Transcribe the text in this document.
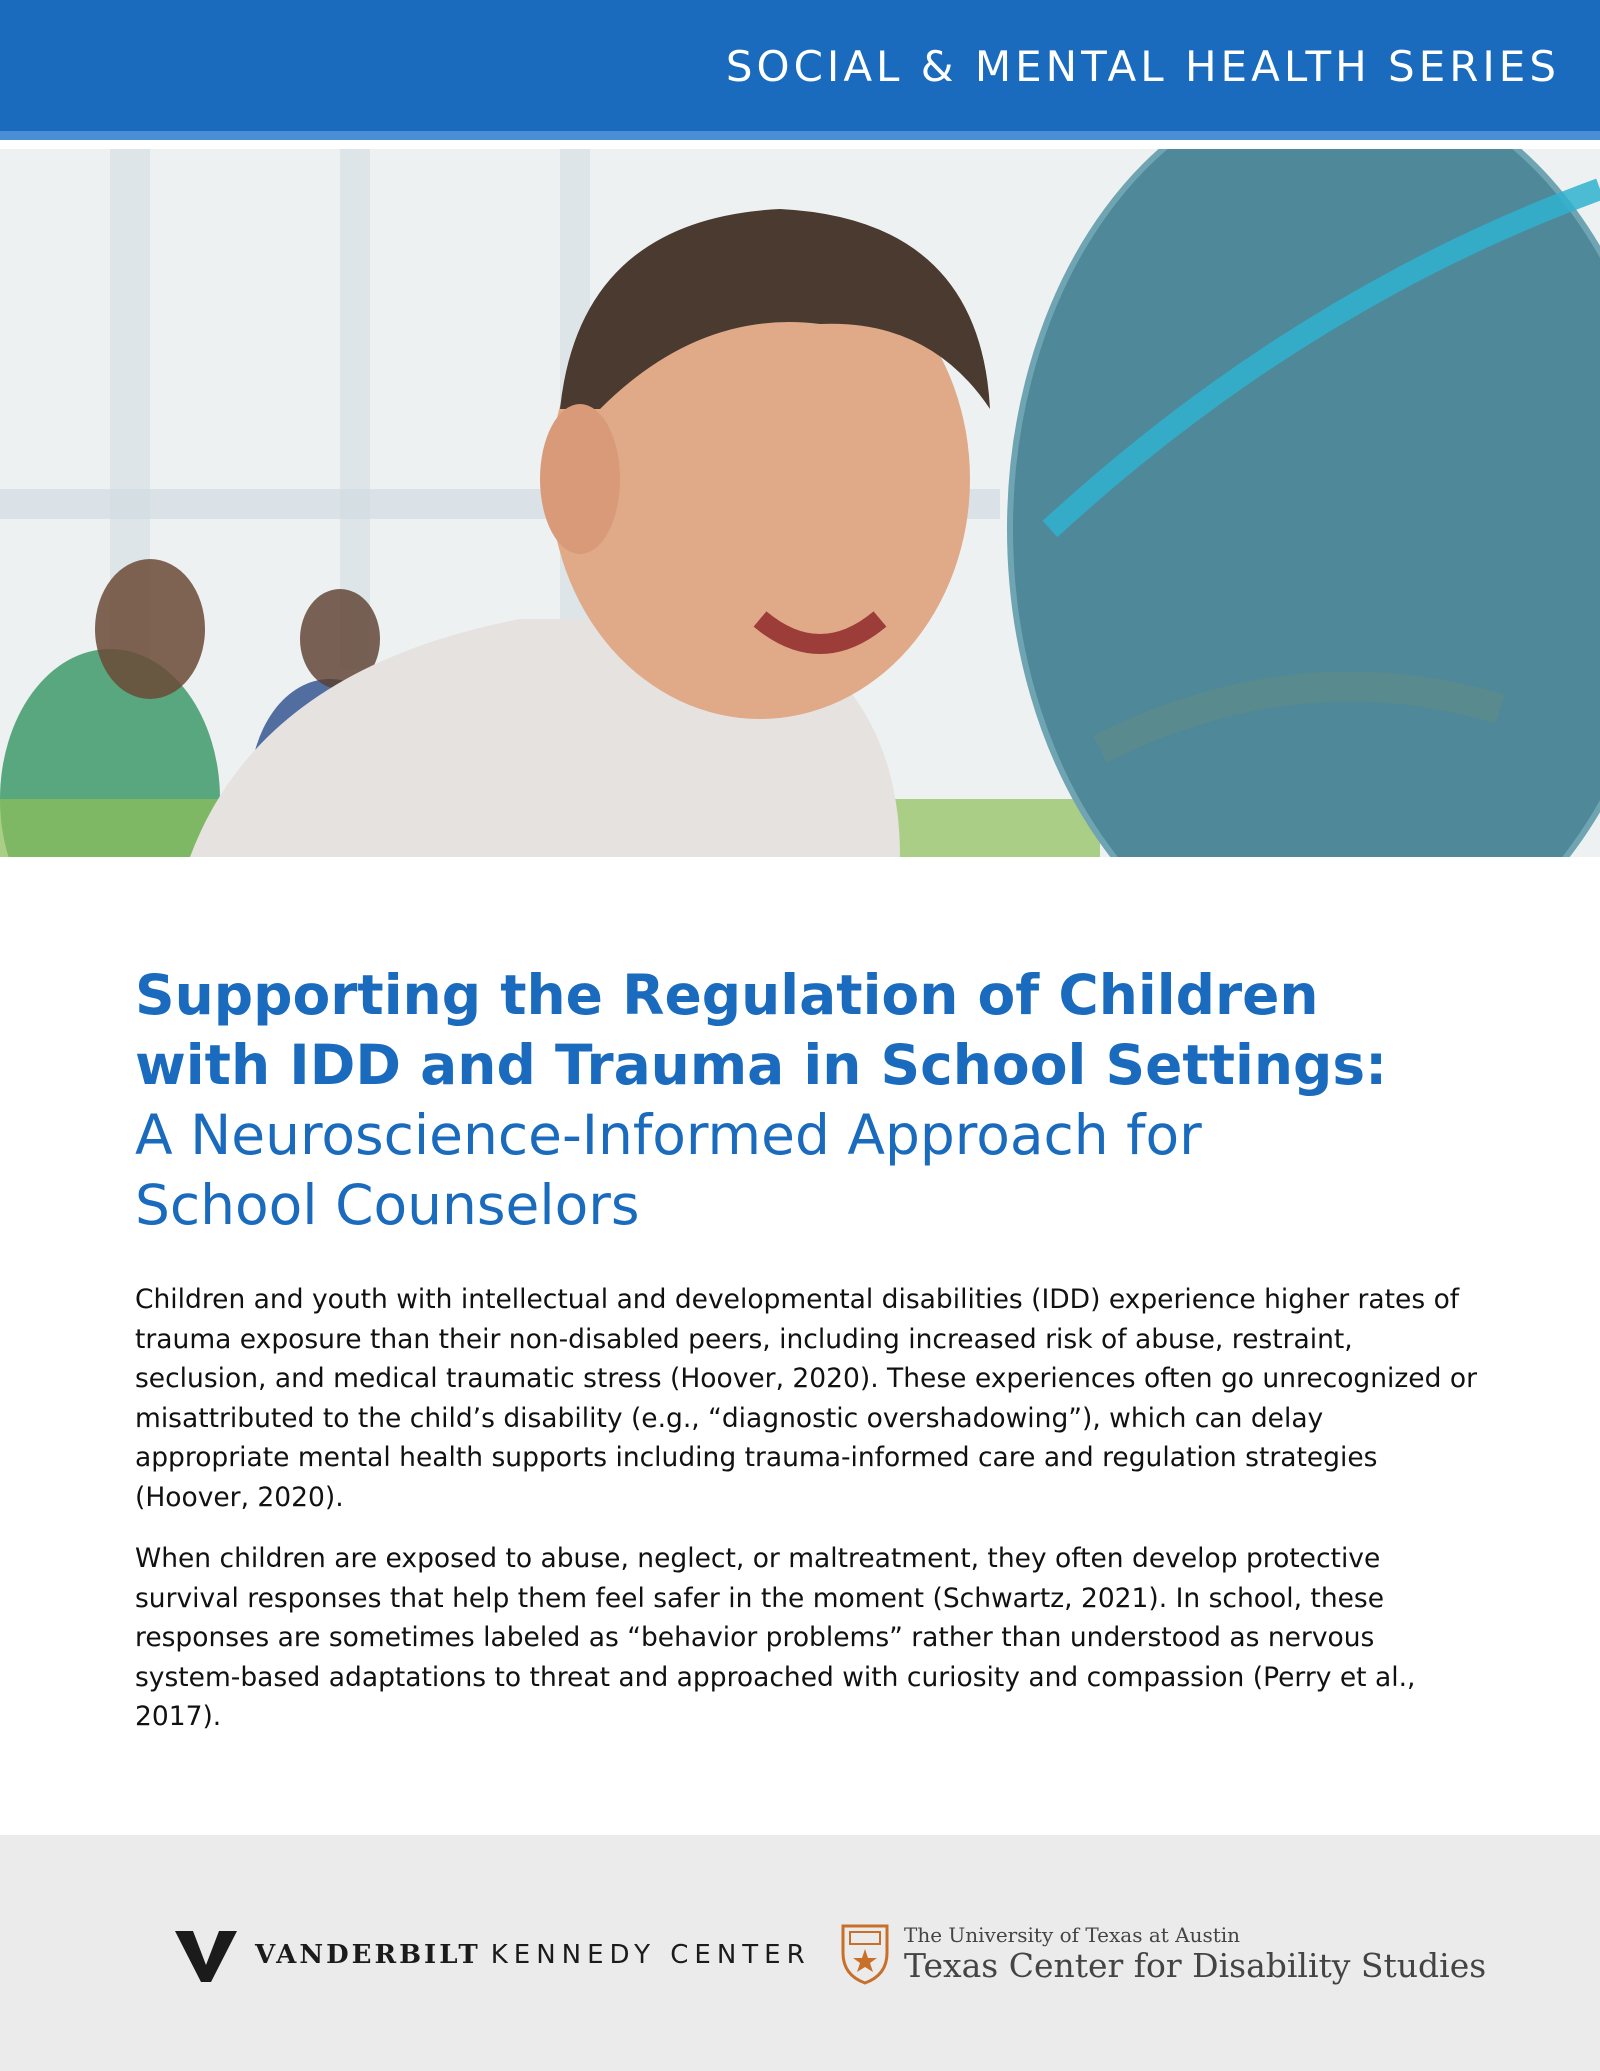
SOCIAL & MENTAL HEALTH SERIES
Supporting the Regulation of Children
with IDD and Trauma in School Settings:
A Neuroscience-Informed Approach for
School Counselors

Children and youth with intellectual and developmental disabilities (IDD) experience higher rates of trauma exposure than their non-disabled peers, including increased risk of abuse, restraint, seclusion, and medical traumatic stress (Hoover, 2020). These experiences often go unrecognized or misattributed to the child’s disability (e.g., “diagnostic overshadowing”), which can delay appropriate mental health supports including trauma-informed care and regulation strategies (Hoover, 2020).

When children are exposed to abuse, neglect, or maltreatment, they often develop protective survival responses that help them feel safer in the moment (Schwartz, 2021). In school, these responses are sometimes labeled as “behavior problems” rather than understood as nervous system-based adaptations to threat and approached with curiosity and compassion (Perry et al., 2017).

VANDERBILT KENNEDY CENTER
The University of Texas at Austin
Texas Center for Disability Studies
